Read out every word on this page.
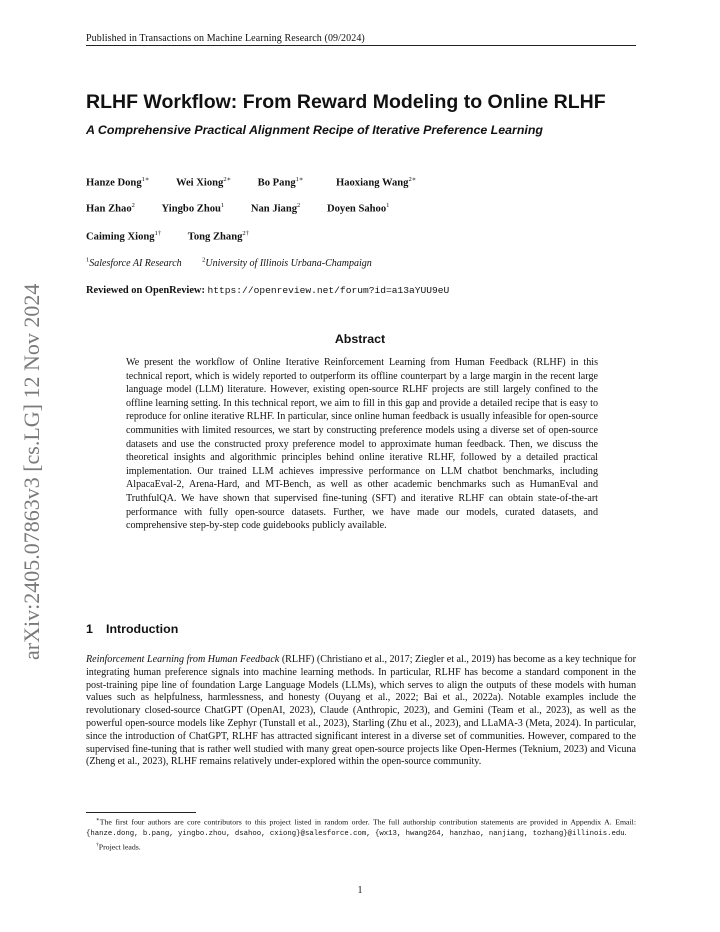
Published in Transactions on Machine Learning Research (09/2024)
arXiv:2405.07863v3 [cs.LG] 12 Nov 2024
RLHF Workflow: From Reward Modeling to Online RLHF
A Comprehensive Practical Alignment Recipe of Iterative Preference Learning
Hanze Dong$^{1∗}$	Wei Xiong$^{2∗}$	Bo Pang$^{1∗}$	Haoxiang Wang$^{2∗}$
Han Zhao$^2$	Yingbo Zhou$^1$	Nan Jiang$^2$	Doyen Sahoo$^1$
Caiming Xiong$^{1\dagger}$	Tong Zhang$^{2\dagger}$
$^1$Salesforce AI Research	$^2$University of Illinois Urbana-Champaign
Reviewed on OpenReview: https://openreview.net/forum?id=a13aYUU9eU
Abstract
We present the workflow of Online Iterative Reinforcement Learning from Human Feedback (RLHF) in this technical report, which is widely reported to outperform its offline counterpart by a large margin in the recent large language model (LLM) literature. However, existing open-source RLHF projects are still largely confined to the offline learning setting. In this technical report, we aim to fill in this gap and provide a detailed recipe that is easy to reproduce for online iterative RLHF. In particular, since online human feedback is usually infeasible for open-source communities with limited resources, we start by constructing preference models using a diverse set of open-source datasets and use the constructed proxy preference model to approximate human feedback. Then, we discuss the theoretical insights and algorithmic principles behind online iterative RLHF, followed by a detailed practical implementation. Our trained LLM achieves impressive performance on LLM chatbot benchmarks, including AlpacaEval-2, Arena-Hard, and MT-Bench, as well as other academic benchmarks such as HumanEval and TruthfulQA. We have shown that supervised fine-tuning (SFT) and iterative RLHF can obtain state-of-the-art performance with fully open-source datasets. Further, we have made our models, curated datasets, and comprehensive step-by-step code guidebooks publicly available.
1 Introduction
Reinforcement Learning from Human Feedback (RLHF) (Christiano et al., 2017; Ziegler et al., 2019) has become as a key technique for integrating human preference signals into machine learning methods. In particular, RLHF has become a standard component in the post-training pipe line of foundation Large Language Models (LLMs), which serves to align the outputs of these models with human values such as helpfulness, harmlessness, and honesty (Ouyang et al., 2022; Bai et al., 2022a). Notable examples include the revolutionary closed-source ChatGPT (OpenAI, 2023), Claude (Anthropic, 2023), and Gemini (Team et al., 2023), as well as the powerful open-source models like Zephyr (Tunstall et al., 2023), Starling (Zhu et al., 2023), and LLaMA-3 (Meta, 2024). In particular, since the introduction of ChatGPT, RLHF has attracted significant interest in a diverse set of communities. However, compared to the supervised fine-tuning that is rather well studied with many great open-source projects like Open-Hermes (Teknium, 2023) and Vicuna (Zheng et al., 2023), RLHF remains relatively under-explored within the open-source community.

∗The first four authors are core contributors to this project listed in random order. The full authorship contribution statements are provided in Appendix A. Email: {hanze.dong, b.pang, yingbo.zhou, dsahoo, cxiong}@salesforce.com, {wx13, hwang264, hanzhao, nanjiang, tozhang}@illinois.edu.

†Project leads.

1
